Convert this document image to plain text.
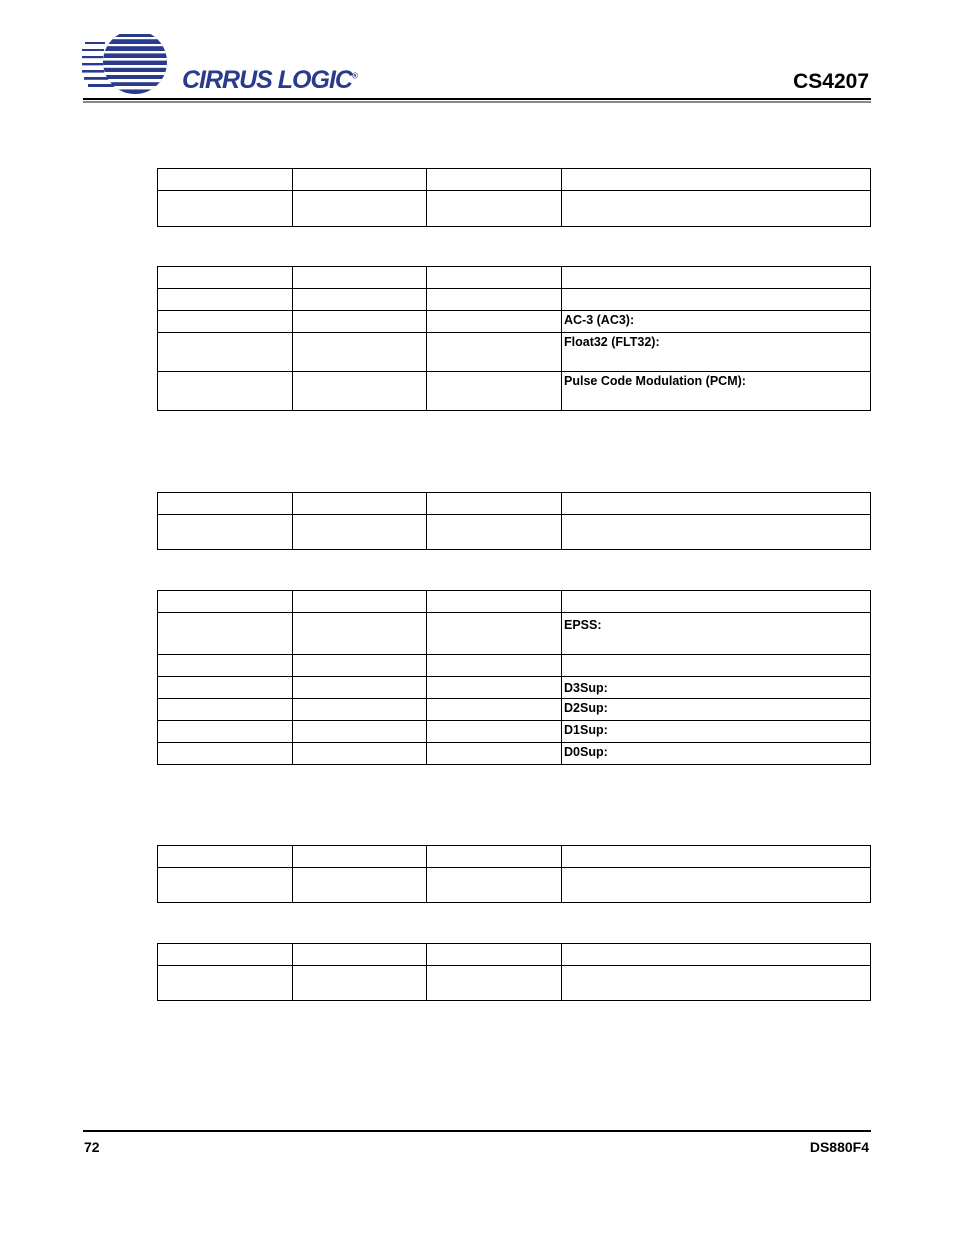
CIRRUS LOGIC®	CS4207

			AC-3 (AC3):
			Float32 (FLT32):
			Pulse Code Modulation (PCM):

			EPSS:

			D3Sup:
			D2Sup:
			D1Sup:
			D0Sup:

72	DS880F4
